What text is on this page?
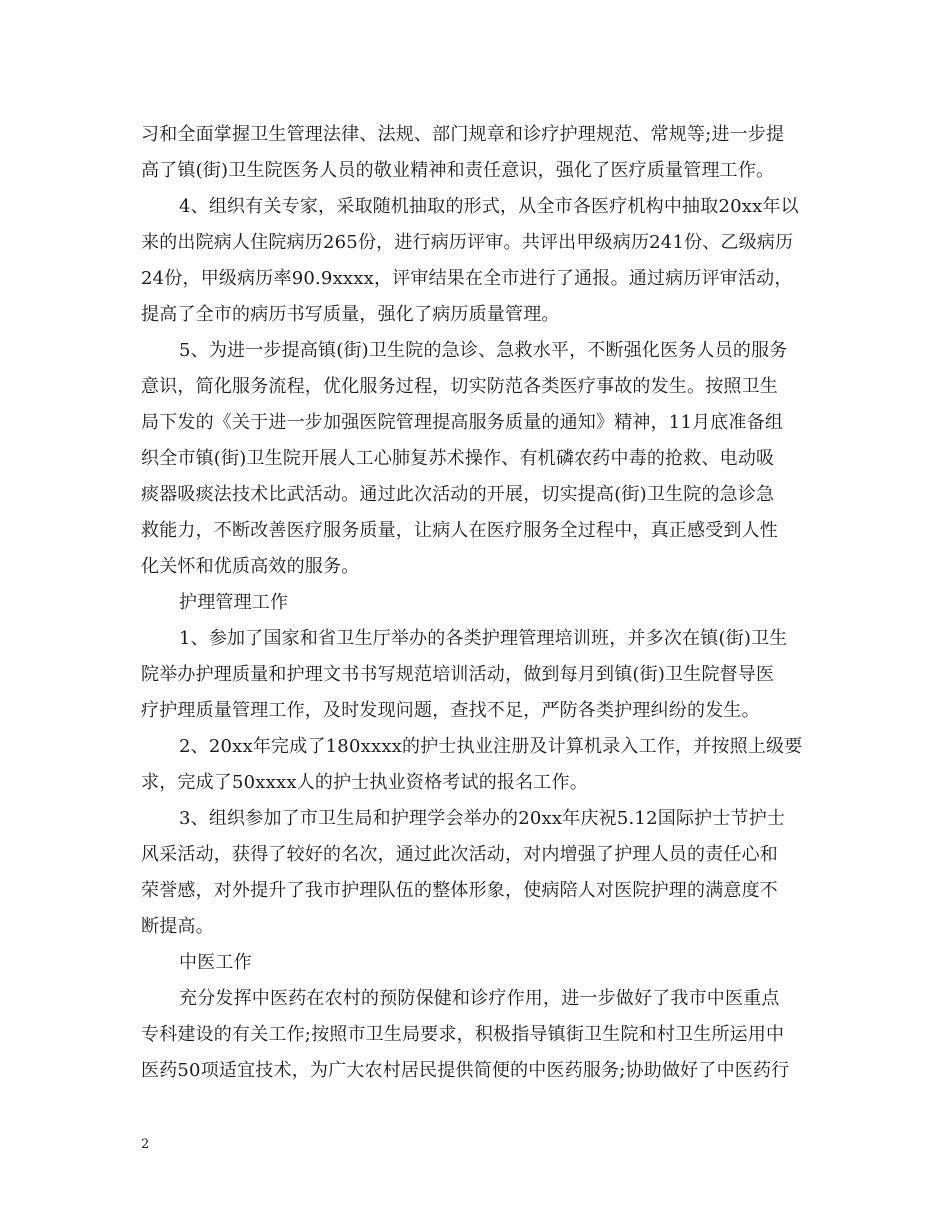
习和全面掌握卫生管理法律、法规、部门规章和诊疗护理规范、常规等;进一步提
高了镇(街)卫生院医务人员的敬业精神和责任意识，强化了医疗质量管理工作。
4、组织有关专家，采取随机抽取的形式，从全市各医疗机构中抽取20xx年以
来的出院病人住院病历265份，进行病历评审。共评出甲级病历241份、乙级病历
24份，甲级病历率90.9xxxx，评审结果在全市进行了通报。通过病历评审活动，
提高了全市的病历书写质量，强化了病历质量管理。
5、为进一步提高镇(街)卫生院的急诊、急救水平，不断强化医务人员的服务
意识，简化服务流程，优化服务过程，切实防范各类医疗事故的发生。按照卫生
局下发的《关于进一步加强医院管理提高服务质量的通知》精神，11月底准备组
织全市镇(街)卫生院开展人工心肺复苏术操作、有机磷农药中毒的抢救、电动吸
痰器吸痰法技术比武活动。通过此次活动的开展，切实提高(街)卫生院的急诊急
救能力，不断改善医疗服务质量，让病人在医疗服务全过程中，真正感受到人性
化关怀和优质高效的服务。
护理管理工作
1、参加了国家和省卫生厅举办的各类护理管理培训班，并多次在镇(街)卫生
院举办护理质量和护理文书书写规范培训活动，做到每月到镇(街)卫生院督导医
疗护理质量管理工作，及时发现问题，查找不足，严防各类护理纠纷的发生。
2、20xx年完成了180xxxx的护士执业注册及计算机录入工作，并按照上级要
求，完成了50xxxx人的护士执业资格考试的报名工作。
3、组织参加了市卫生局和护理学会举办的20xx年庆祝5.12国际护士节护士
风采活动，获得了较好的名次，通过此次活动，对内增强了护理人员的责任心和
荣誉感，对外提升了我市护理队伍的整体形象，使病陪人对医院护理的满意度不
断提高。
中医工作
充分发挥中医药在农村的预防保健和诊疗作用，进一步做好了我市中医重点
专科建设的有关工作;按照市卫生局要求，积极指导镇街卫生院和村卫生所运用中
医药50项适宜技术，为广大农村居民提供简便的中医药服务;协助做好了中医药行
2
